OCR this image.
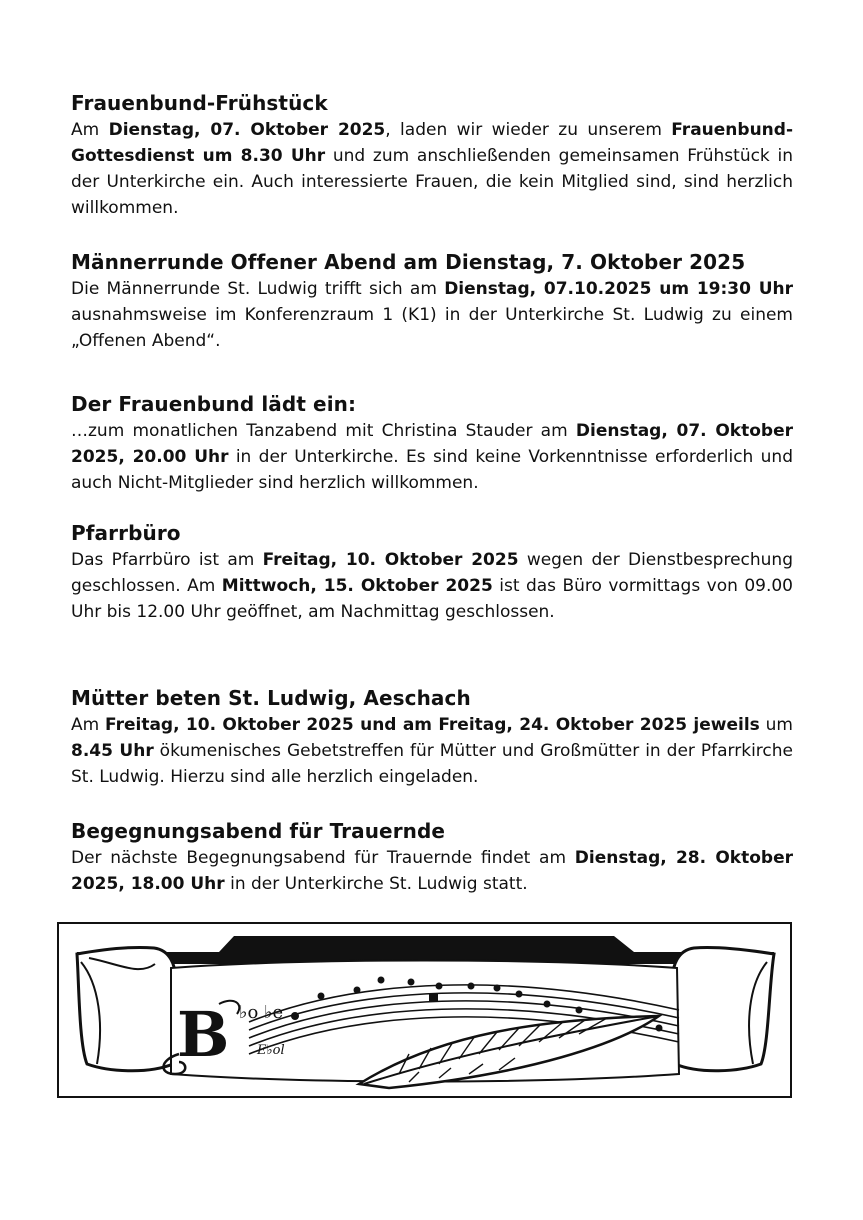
Frauenbund-Frühstück

Am Dienstag, 07. Oktober 2025, laden wir wieder zu unserem Frauenbund-Gottesdienst um 8.30 Uhr und zum anschließenden gemeinsamen Frühstück in der Unterkirche ein. Auch interessierte Frauen, die kein Mitglied sind, sind herzlich willkommen.

Männerrunde Offener Abend am Dienstag, 7. Oktober 2025

Die Männerrunde St. Ludwig trifft sich am Dienstag, 07.10.2025 um 19:30 Uhr ausnahmsweise im Konferenzraum 1 (K1) in der Unterkirche St. Ludwig zu einem „Offenen Abend“.

Der Frauenbund lädt ein:

…zum monatlichen Tanzabend mit Christina Stauder am Dienstag, 07. Oktober 2025, 20.00 Uhr in der Unterkirche. Es sind keine Vorkenntnisse erforderlich und auch Nicht-Mitglieder sind herzlich willkommen.

Pfarrbüro

Das Pfarrbüro ist am Freitag, 10. Oktober 2025 wegen der Dienstbesprechung geschlossen. Am Mittwoch, 15. Oktober 2025 ist das Büro vormittags von 09.00 Uhr bis 12.00 Uhr geöffnet, am Nachmittag geschlossen.

Mütter beten St. Ludwig, Aeschach

Am Freitag, 10. Oktober 2025 und am Freitag, 24. Oktober 2025 jeweils um 8.45 Uhr ökumenisches Gebetstreffen für Mütter und Großmütter in der Pfarrkirche St. Ludwig. Hierzu sind alle herzlich eingeladen.

Begegnungsabend für Trauernde

Der nächste Begegnungsabend für Trauernde findet am Dienstag, 28. Oktober 2025, 18.00 Uhr in der Unterkirche St. Ludwig statt.

B ♭o ♭e
E♭ol
